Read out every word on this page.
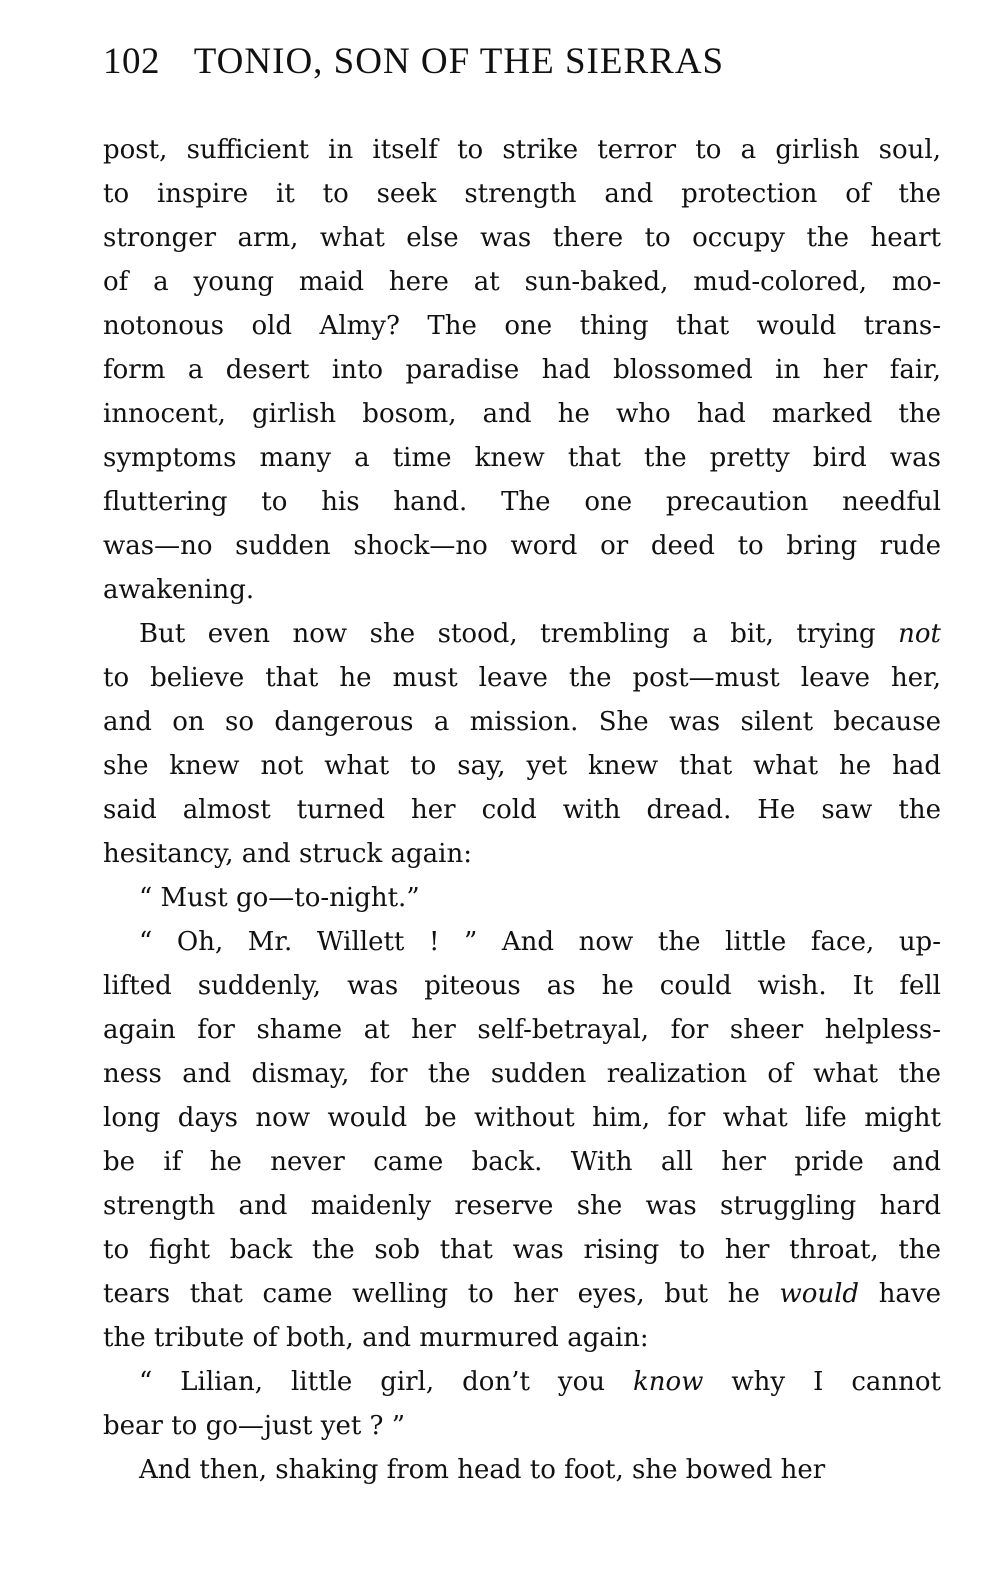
102 TONIO, SON OF THE SIERRAS
post, sufficient in itself to strike terror to a girlish soul,
to inspire it to seek strength and protection of the
stronger arm, what else was there to occupy the heart
of a young maid here at sun-baked, mud-colored, mo-
notonous old Almy? The one thing that would trans-
form a desert into paradise had blossomed in her fair,
innocent, girlish bosom, and he who had marked the
symptoms many a time knew that the pretty bird was
fluttering to his hand. The one precaution needful
was—no sudden shock—no word or deed to bring rude
awakening.
But even now she stood, trembling a bit, trying not
to believe that he must leave the post—must leave her,
and on so dangerous a mission. She was silent because
she knew not what to say, yet knew that what he had
said almost turned her cold with dread. He saw the
hesitancy, and struck again:
“ Must go—to-night.”
“ Oh, Mr. Willett ! ” And now the little face, up-
lifted suddenly, was piteous as he could wish. It fell
again for shame at her self-betrayal, for sheer helpless-
ness and dismay, for the sudden realization of what the
long days now would be without him, for what life might
be if he never came back. With all her pride and
strength and maidenly reserve she was struggling hard
to fight back the sob that was rising to her throat, the
tears that came welling to her eyes, but he would have
the tribute of both, and murmured again:
“ Lilian, little girl, don’t you know why I cannot
bear to go—just yet ? ”
And then, shaking from head to foot, she bowed her
